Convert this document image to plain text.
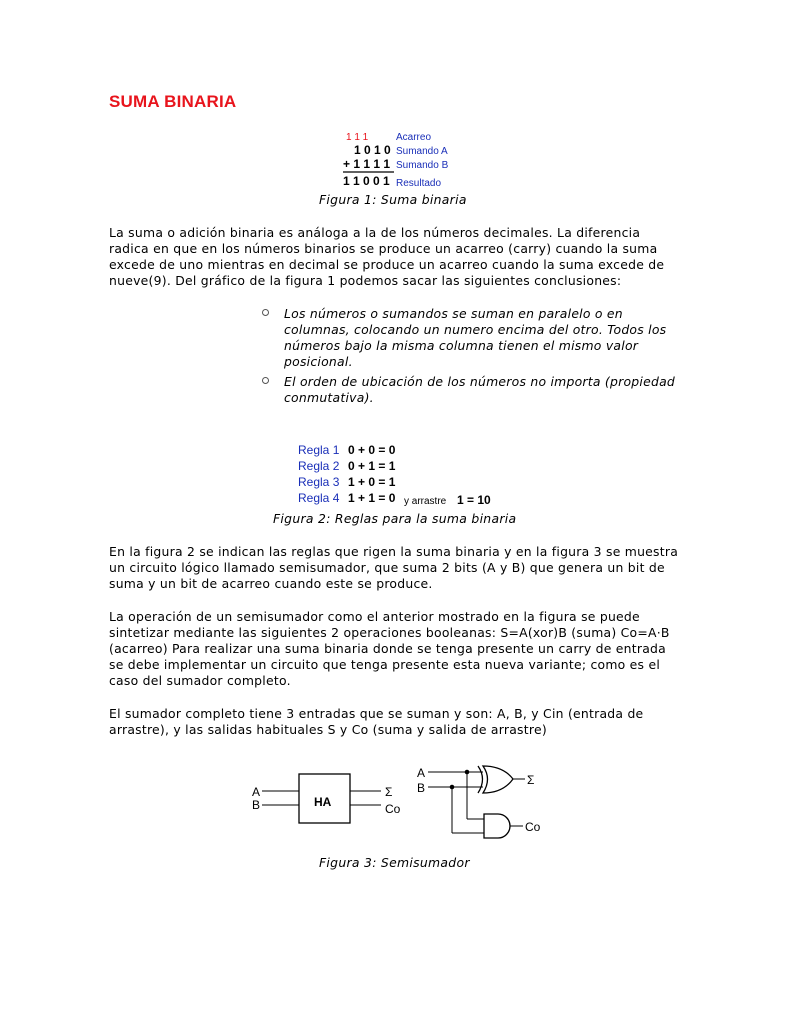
SUMA BINARIA
1 1 1	Acarreo
1 0 1 0 Sumando A
+ 1 1 1 1 Sumando B
1 1 0 0 1 Resultado

Figura 1: Suma binaria

La suma o adición binaria es análoga a la de los números decimales. La diferencia radica en que en los números binarios se produce un acarreo (carry) cuando la suma excede de uno mientras en decimal se produce un acarreo cuando la suma excede de nueve(9). Del gráfico de la figura 1 podemos sacar las siguientes conclusiones:

Los números o sumandos se suman en paralelo o en columnas, colocando un numero encima del otro. Todos los números bajo la misma columna tienen el mismo valor posicional.
El orden de ubicación de los números no importa (propiedad conmutativa).
Regla 1 0 + 0 = 0
Regla 2 0 + 1 = 1
Regla 3 1 + 0 = 1
Regla 4 1 + 1 = 0 y arrastre 1 = 10

Figura 2: Reglas para la suma binaria

En la figura 2 se indican las reglas que rigen la suma binaria y en la figura 3 se muestra un circuito lógico llamado semisumador, que suma 2 bits (A y B) que genera un bit de suma y un bit de acarreo cuando este se produce.

La operación de un semisumador como el anterior mostrado en la figura se puede sintetizar mediante las siguientes 2 operaciones booleanas: S=A(xor)B (suma) Co=A·B (acarreo) Para realizar una suma binaria donde se tenga presente un carry de entrada se debe implementar un circuito que tenga presente esta nueva variante; como es el caso del sumador completo.

El sumador completo tiene 3 entradas que se suman y son: A, B, y Cin (entrada de arrastre), y las salidas habituales S y Co (suma y salida de arrastre)

A
B	HA
Σ
Co
A
B
Σ
Co

Figura 3: Semisumador
